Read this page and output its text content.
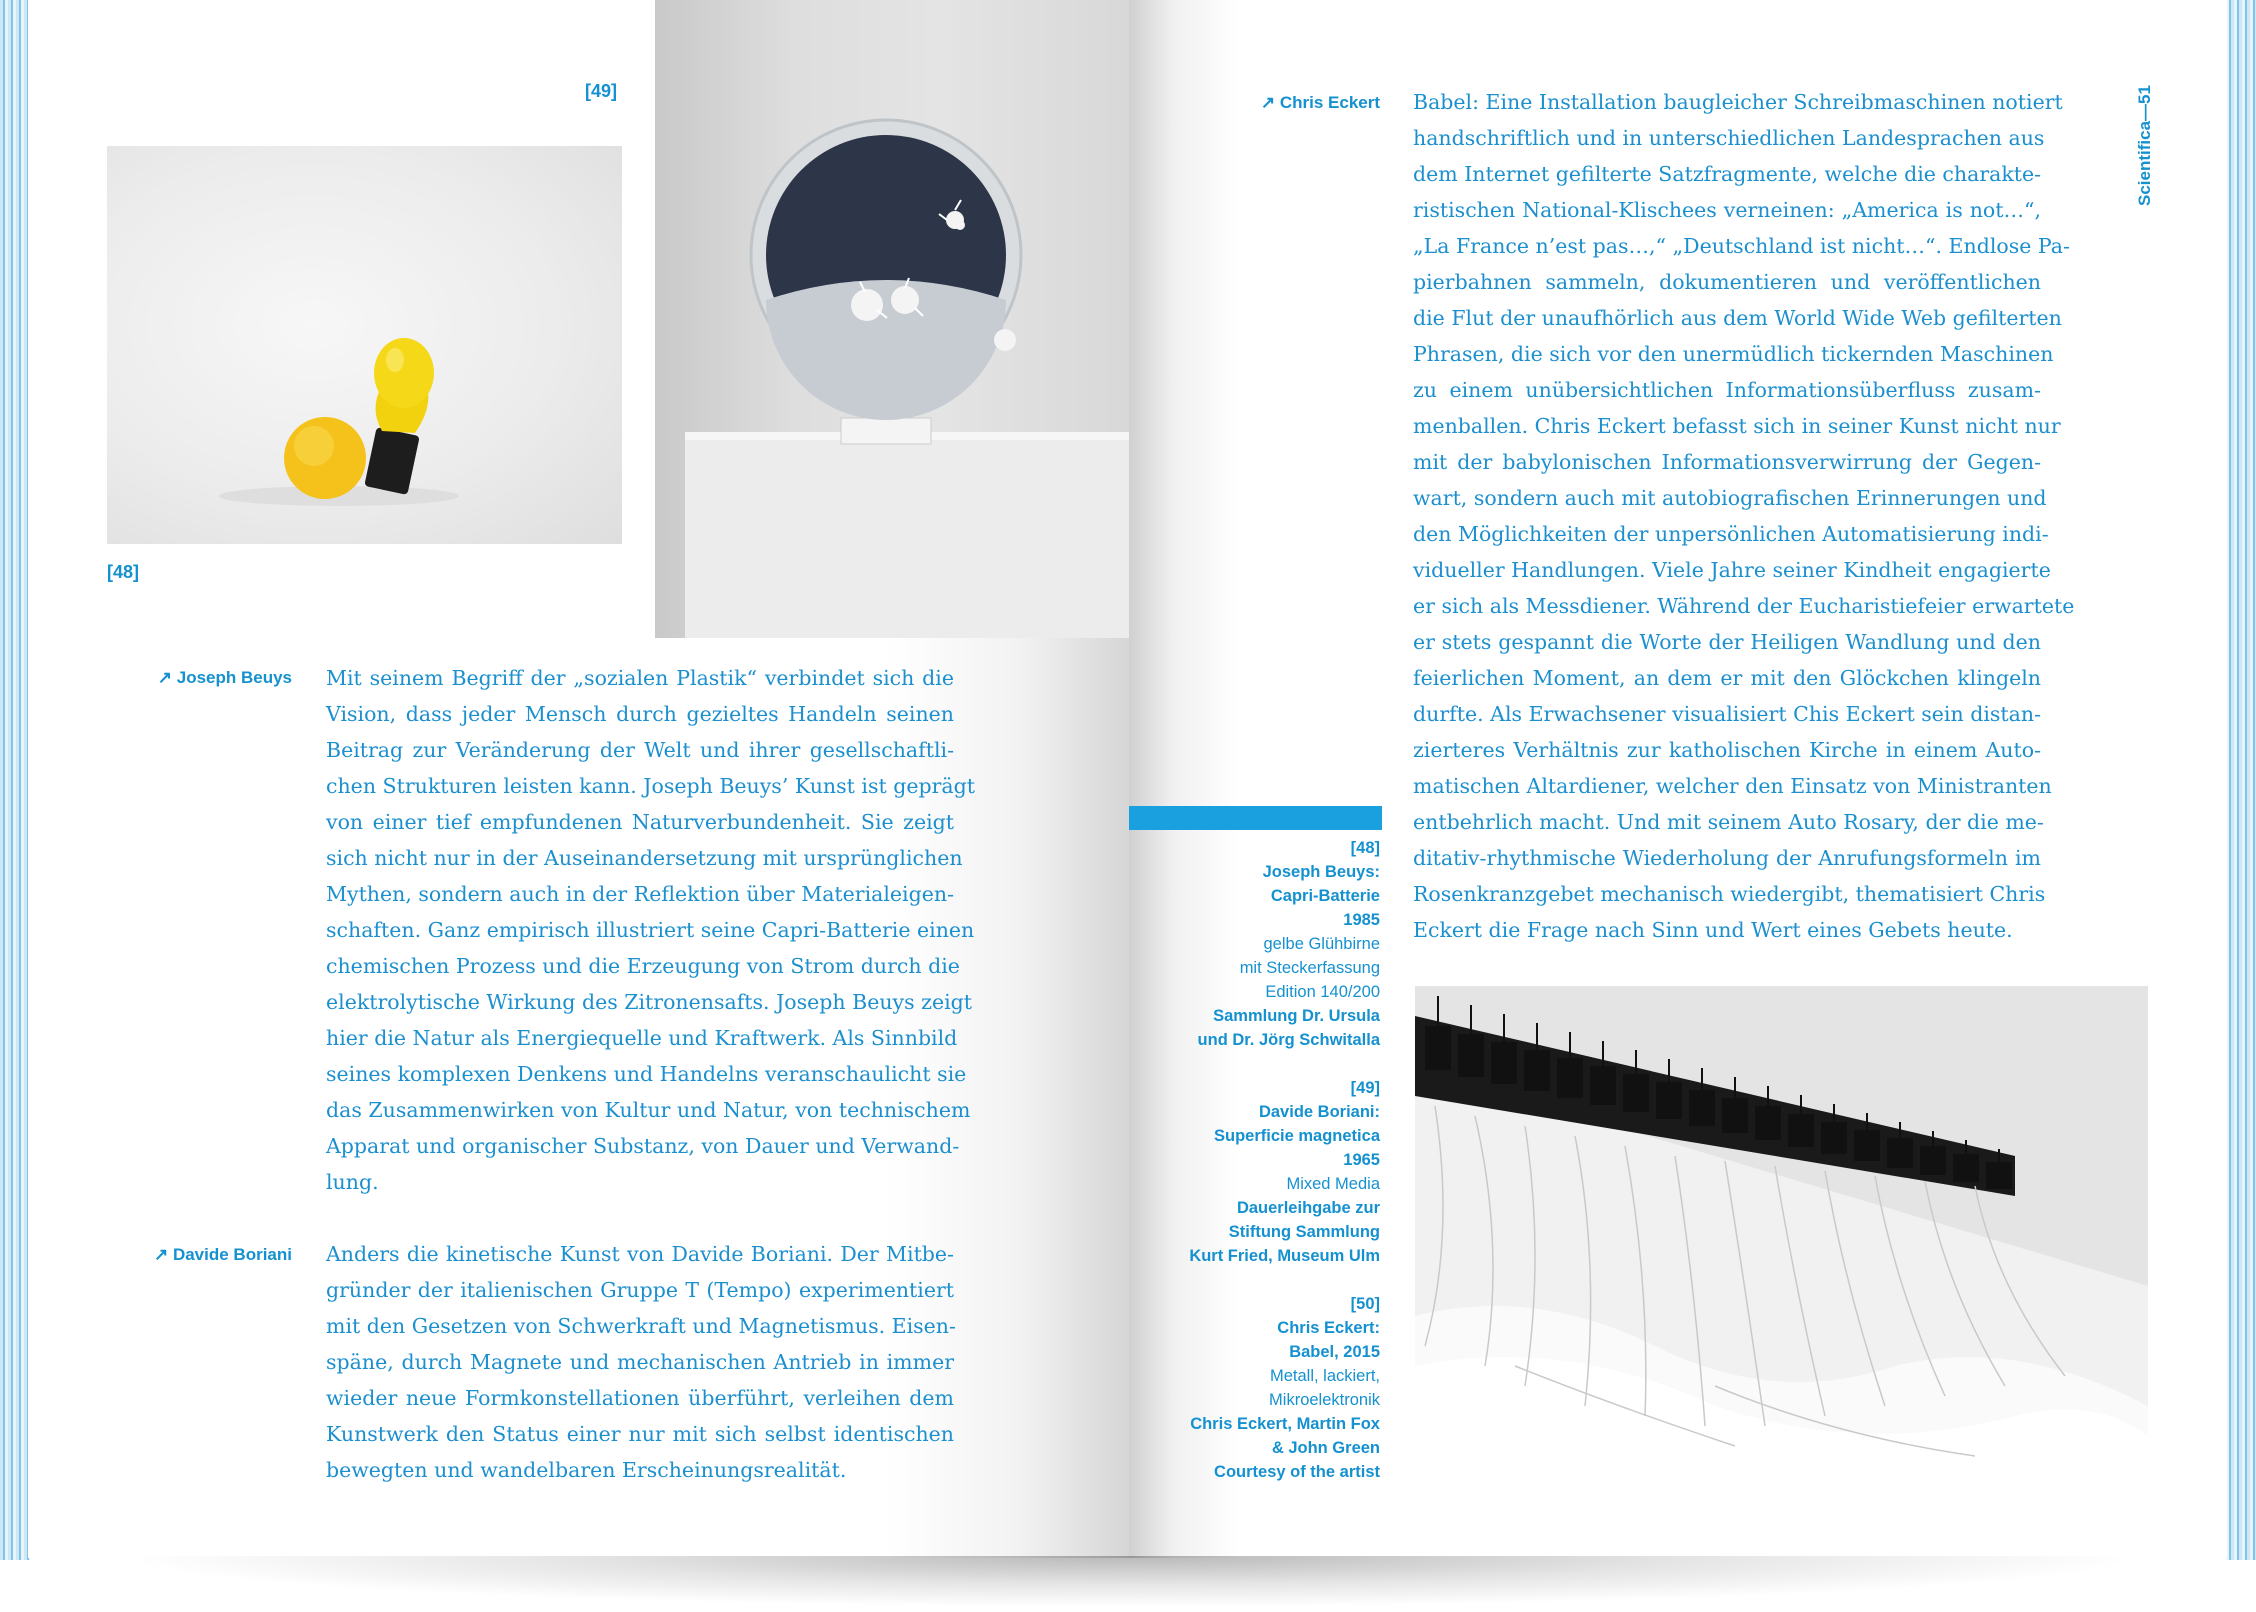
[49]
[48]
↗ Joseph Beuys Mit seinem Begriff der „sozialen Plastik“ verbindet sich die
Vision, dass jeder Mensch durch gezieltes Handeln seinen
Beitrag zur Veränderung der Welt und ihrer gesellschaftli-
chen Strukturen leisten kann. Joseph Beuys’ Kunst ist geprägt
von einer tief empfundenen Naturverbundenheit. Sie zeigt
sich nicht nur in der Auseinandersetzung mit ursprünglichen
Mythen, sondern auch in der Reflektion über Materialeigen-
schaften. Ganz empirisch illustriert seine Capri-Batterie einen
chemischen Prozess und die Erzeugung von Strom durch die
elektrolytische Wirkung des Zitronensafts. Joseph Beuys zeigt
hier die Natur als Energiequelle und Kraftwerk. Als Sinnbild
seines komplexen Denkens und Handelns veranschaulicht sie
das Zusammenwirken von Kultur und Natur, von technischem
Apparat und organischer Substanz, von Dauer und Verwand-
lung.
↗ Davide Boriani Anders die kinetische Kunst von Davide Boriani. Der Mitbe-
gründer der italienischen Gruppe T (Tempo) experimentiert
mit den Gesetzen von Schwerkraft und Magnetismus. Eisen-
späne, durch Magnete und mechanischen Antrieb in immer
wieder neue Formkonstellationen überführt, verleihen dem
Kunstwerk den Status einer nur mit sich selbst identischen
bewegten und wandelbaren Erscheinungsrealität.
Scientifica—51
↗ Chris Eckert Babel: Eine Installation baugleicher Schreibmaschinen notiert
handschriftlich und in unterschiedlichen Landesprachen aus
dem Internet gefilterte Satzfragmente, welche die charakte-
ristischen National-Klischees verneinen: „America is not…“,
„La France n’est pas…,“ „Deutschland ist nicht…“. Endlose Pa-
pierbahnen sammeln, dokumentieren und veröffentlichen
die Flut der unaufhörlich aus dem World Wide Web gefilterten
Phrasen, die sich vor den unermüdlich tickernden Maschinen
zu einem unübersichtlichen Informationsüberfluss zusam-
menballen. Chris Eckert befasst sich in seiner Kunst nicht nur
mit der babylonischen Informationsverwirrung der Gegen-
wart, sondern auch mit autobiografischen Erinnerungen und
den Möglichkeiten der unpersönlichen Automatisierung indi-
vidueller Handlungen. Viele Jahre seiner Kindheit engagierte
er sich als Messdiener. Während der Eucharistiefeier erwartete
er stets gespannt die Worte der Heiligen Wandlung und den
feierlichen Moment, an dem er mit den Glöckchen klingeln
durfte. Als Erwachsener visualisiert Chis Eckert sein distan-
zierteres Verhältnis zur katholischen Kirche in einem Auto-
matischen Altardiener, welcher den Einsatz von Ministranten
entbehrlich macht. Und mit seinem Auto Rosary, der die me-
ditativ-rhythmische Wiederholung der Anrufungsformeln im
Rosenkranzgebet mechanisch wiedergibt, thematisiert Chris
Eckert die Frage nach Sinn und Wert eines Gebets heute.
[48]
Joseph Beuys:
Capri-Batterie
1985
gelbe Glühbirne
mit Steckerfassung
Edition 140/200
Sammlung Dr. Ursula
und Dr. Jörg Schwitalla
[49]
Davide Boriani:
Superficie magnetica
1965
Mixed Media
Dauerleihgabe zur
Stiftung Sammlung
Kurt Fried, Museum Ulm
[50]
Chris Eckert:
Babel, 2015
Metall, lackiert,
Mikroelektronik
Chris Eckert, Martin Fox
& John Green
Courtesy of the artist
